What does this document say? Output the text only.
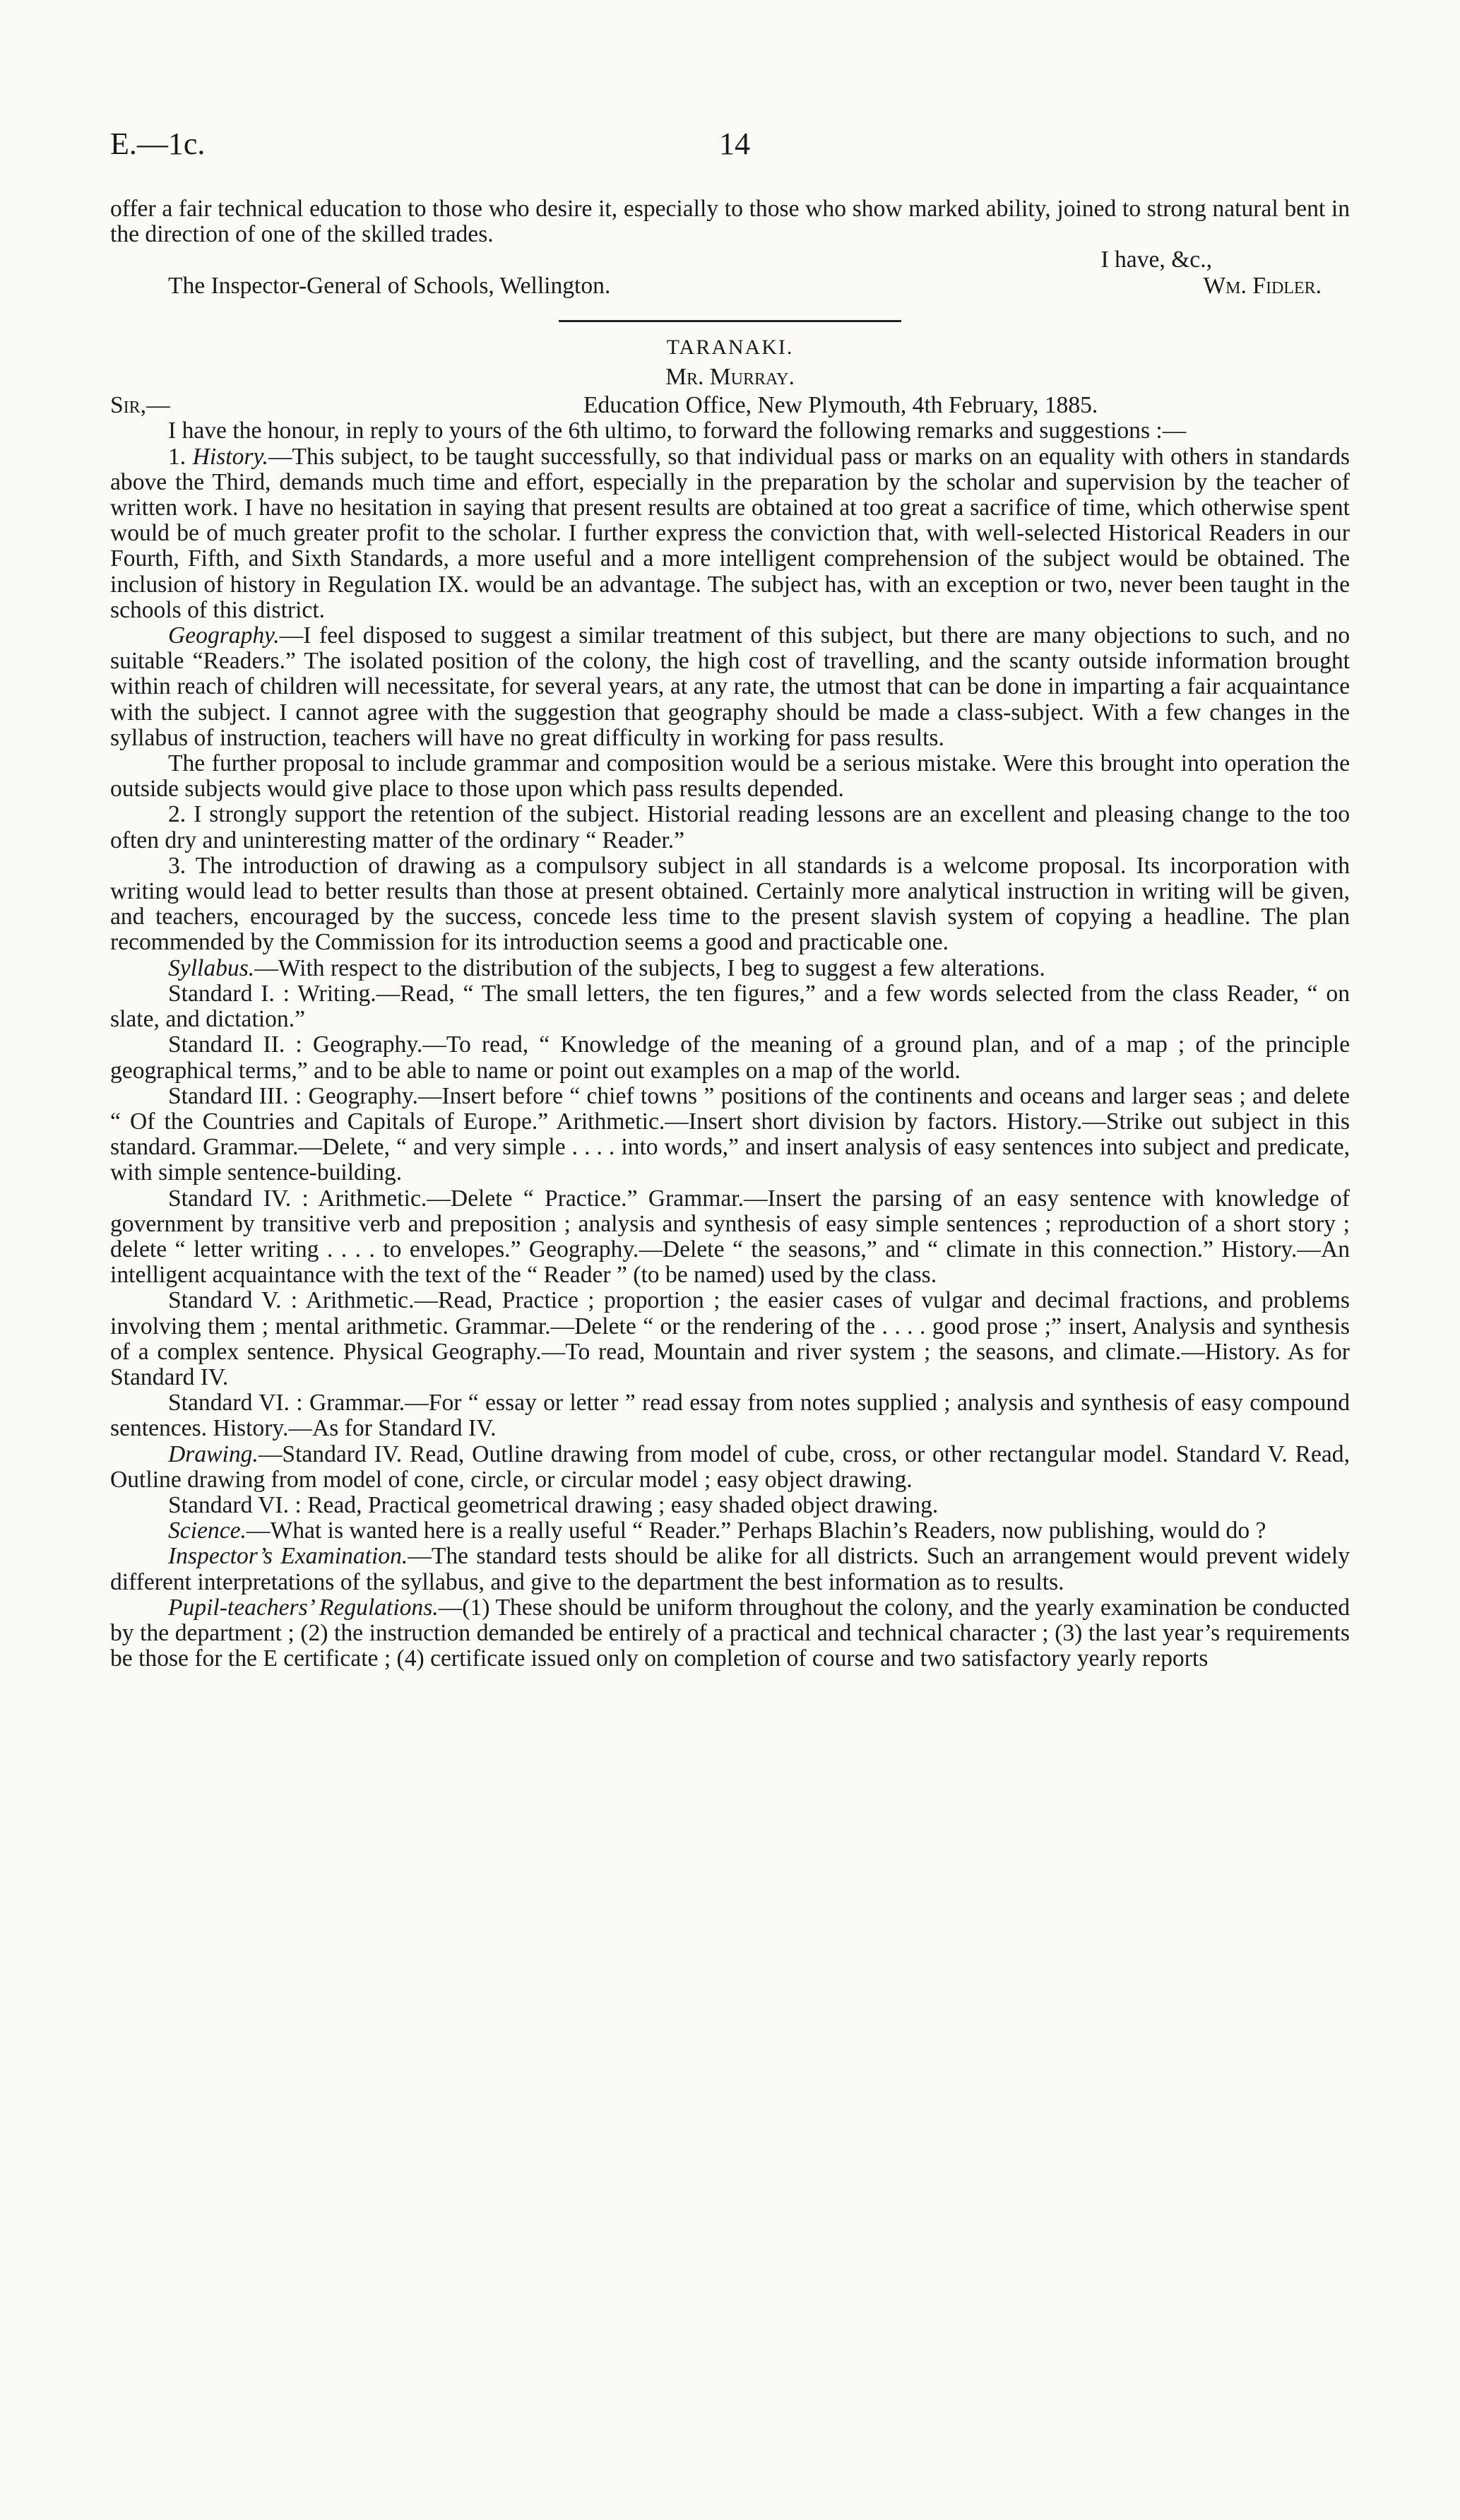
E.—1c.	14

offer a fair technical education to those who desire it, especially to those who show marked ability, joined to strong natural bent in the direction of one of the skilled trades.

I have, &c.,

The Inspector-General of Schools, Wellington.	Wm. Fidler.

TARANAKI.

Mr. Murray.

Sir,—	Education Office, New Plymouth, 4th February, 1885.

I have the honour, in reply to yours of the 6th ultimo, to forward the following remarks and suggestions :—

1. History.—This subject, to be taught successfully, so that individual pass or marks on an equality with others in standards above the Third, demands much time and effort, especially in the preparation by the scholar and supervision by the teacher of written work. I have no hesitation in saying that present results are obtained at too great a sacrifice of time, which otherwise spent would be of much greater profit to the scholar. I further express the conviction that, with well-selected Historical Readers in our Fourth, Fifth, and Sixth Standards, a more useful and a more intelligent comprehension of the subject would be obtained. The inclusion of history in Regulation IX. would be an advantage. The subject has, with an exception or two, never been taught in the schools of this district.

Geography.—I feel disposed to suggest a similar treatment of this subject, but there are many objections to such, and no suitable “Readers.” The isolated position of the colony, the high cost of travelling, and the scanty outside information brought within reach of children will necessitate, for several years, at any rate, the utmost that can be done in imparting a fair acquaintance with the subject. I cannot agree with the suggestion that geography should be made a class-subject. With a few changes in the syllabus of instruction, teachers will have no great difficulty in working for pass results.

The further proposal to include grammar and composition would be a serious mistake. Were this brought into operation the outside subjects would give place to those upon which pass results depended.

2. I strongly support the retention of the subject. Historial reading lessons are an excellent and pleasing change to the too often dry and uninteresting matter of the ordinary “ Reader.”

3. The introduction of drawing as a compulsory subject in all standards is a welcome proposal. Its incorporation with writing would lead to better results than those at present obtained. Certainly more analytical instruction in writing will be given, and teachers, encouraged by the success, concede less time to the present slavish system of copying a headline. The plan recommended by the Commission for its introduction seems a good and practicable one.

Syllabus.—With respect to the distribution of the subjects, I beg to suggest a few alterations.

Standard I. : Writing.—Read, “ The small letters, the ten figures,” and a few words selected from the class Reader, “ on slate, and dictation.”

Standard II. : Geography.—To read, “ Knowledge of the meaning of a ground plan, and of a map ; of the principle geographical terms,” and to be able to name or point out examples on a map of the world.

Standard III. : Geography.—Insert before “ chief towns ” positions of the continents and oceans and larger seas ; and delete “ Of the Countries and Capitals of Europe.” Arithmetic.—Insert short division by factors. History.—Strike out subject in this standard. Grammar.—Delete, “ and very simple . . . . into words,” and insert analysis of easy sentences into subject and predicate, with simple sentence-building.

Standard IV. : Arithmetic.—Delete “ Practice.” Grammar.—Insert the parsing of an easy sentence with knowledge of government by transitive verb and preposition ; analysis and synthesis of easy simple sentences ; reproduction of a short story ; delete “ letter writing . . . . to envelopes.” Geography.—Delete “ the seasons,” and “ climate in this connection.” History.—An intelligent acquaintance with the text of the “ Reader ” (to be named) used by the class.

Standard V. : Arithmetic.—Read, Practice ; proportion ; the easier cases of vulgar and decimal fractions, and problems involving them ; mental arithmetic. Grammar.—Delete “ or the rendering of the . . . . good prose ;” insert, Analysis and synthesis of a complex sentence. Physical Geography.—To read, Mountain and river system ; the seasons, and climate.—History. As for Standard IV.

Standard VI. : Grammar.—For “ essay or letter ” read essay from notes supplied ; analysis and synthesis of easy compound sentences. History.—As for Standard IV.

Drawing.—Standard IV. Read, Outline drawing from model of cube, cross, or other rectangular model. Standard V. Read, Outline drawing from model of cone, circle, or circular model ; easy object drawing.

Standard VI. : Read, Practical geometrical drawing ; easy shaded object drawing.

Science.—What is wanted here is a really useful “ Reader.” Perhaps Blachin’s Readers, now publishing, would do ?

Inspector’s Examination.—The standard tests should be alike for all districts. Such an arrangement would prevent widely different interpretations of the syllabus, and give to the department the best information as to results.

Pupil-teachers’ Regulations.—(1) These should be uniform throughout the colony, and the yearly examination be conducted by the department ; (2) the instruction demanded be entirely of a practical and technical character ; (3) the last year’s requirements be those for the E certificate ; (4) certificate issued only on completion of course and two satisfactory yearly reports
